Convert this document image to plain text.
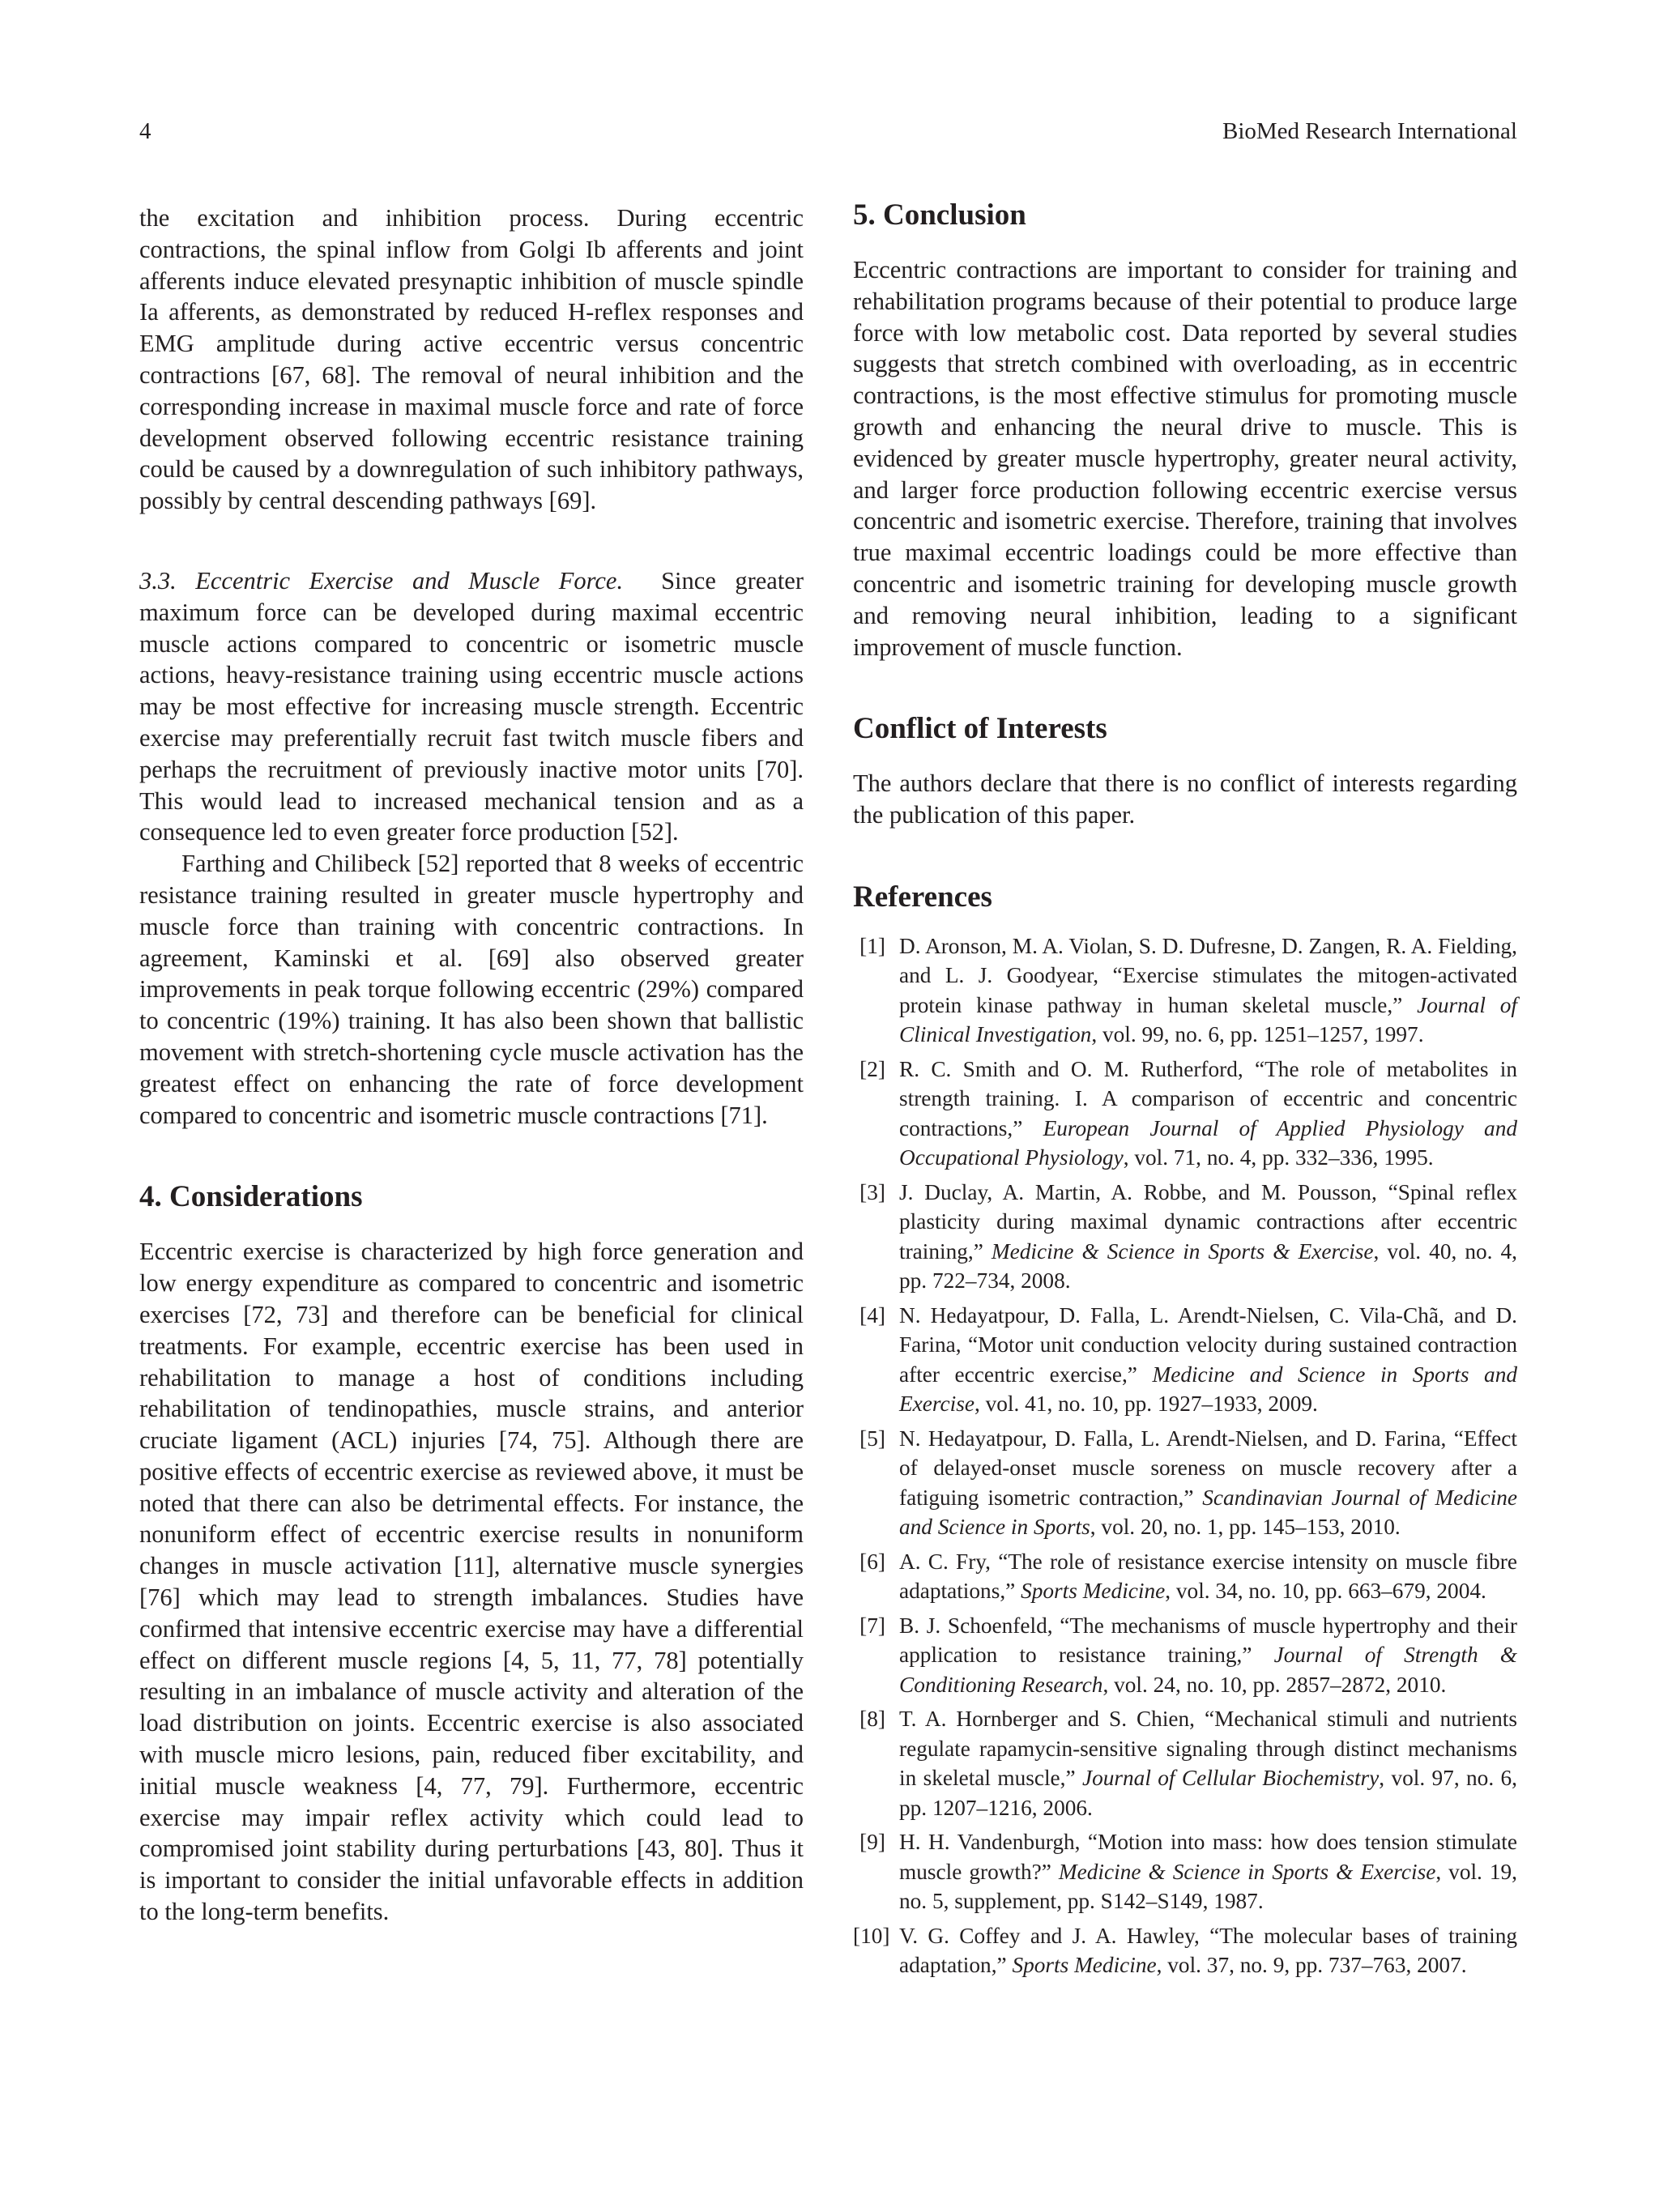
4	BioMed Research International

the excitation and inhibition process. During eccentric contractions, the spinal inflow from Golgi Ib afferents and joint afferents induce elevated presynaptic inhibition of muscle spindle Ia afferents, as demonstrated by reduced H-reflex responses and EMG amplitude during active eccentric versus concentric contractions [67, 68]. The removal of neural inhibition and the corresponding increase in maximal muscle force and rate of force development observed following eccentric resistance training could be caused by a downregulation of such inhibitory pathways, possibly by central descending pathways [69].

3.3. Eccentric Exercise and Muscle Force. Since greater maximum force can be developed during maximal eccentric muscle actions compared to concentric or isometric muscle actions, heavy-resistance training using eccentric muscle actions may be most effective for increasing muscle strength. Eccentric exercise may preferentially recruit fast twitch muscle fibers and perhaps the recruitment of previously inactive motor units [70]. This would lead to increased mechanical tension and as a consequence led to even greater force production [52].

Farthing and Chilibeck [52] reported that 8 weeks of eccentric resistance training resulted in greater muscle hypertrophy and muscle force than training with concentric contractions. In agreement, Kaminski et al. [69] also observed greater improvements in peak torque following eccentric (29%) compared to concentric (19%) training. It has also been shown that ballistic movement with stretch-shortening cycle muscle activation has the greatest effect on enhancing the rate of force development compared to concentric and isometric muscle contractions [71].

4. Considerations

Eccentric exercise is characterized by high force generation and low energy expenditure as compared to concentric and isometric exercises [72, 73] and therefore can be beneficial for clinical treatments. For example, eccentric exercise has been used in rehabilitation to manage a host of conditions including rehabilitation of tendinopathies, muscle strains, and anterior cruciate ligament (ACL) injuries [74, 75]. Although there are positive effects of eccentric exercise as reviewed above, it must be noted that there can also be detrimental effects. For instance, the nonuniform effect of eccentric exercise results in nonuniform changes in muscle activation [11], alternative muscle synergies [76] which may lead to strength imbalances. Studies have confirmed that intensive eccentric exercise may have a differential effect on different muscle regions [4, 5, 11, 77, 78] potentially resulting in an imbalance of muscle activity and alteration of the load distribution on joints. Eccentric exercise is also associated with muscle micro lesions, pain, reduced fiber excitability, and initial muscle weakness [4, 77, 79]. Furthermore, eccentric exercise may impair reflex activity which could lead to compromised joint stability during perturbations [43, 80]. Thus it is important to consider the initial unfavorable effects in addition to the long-term benefits.

5. Conclusion

Eccentric contractions are important to consider for training and rehabilitation programs because of their potential to produce large force with low metabolic cost. Data reported by several studies suggests that stretch combined with overloading, as in eccentric contractions, is the most effective stimulus for promoting muscle growth and enhancing the neural drive to muscle. This is evidenced by greater muscle hypertrophy, greater neural activity, and larger force production following eccentric exercise versus concentric and isometric exercise. Therefore, training that involves true maximal eccentric loadings could be more effective than concentric and isometric training for developing muscle growth and removing neural inhibition, leading to a significant improvement of muscle function.

Conflict of Interests

The authors declare that there is no conflict of interests regarding the publication of this paper.

References
[1] D. Aronson, M. A. Violan, S. D. Dufresne, D. Zangen, R. A. Fielding, and L. J. Goodyear, “Exercise stimulates the mitogen-activated protein kinase pathway in human skeletal muscle,” Journal of Clinical Investigation, vol. 99, no. 6, pp. 1251–1257, 1997.
[2] R. C. Smith and O. M. Rutherford, “The role of metabolites in strength training. I. A comparison of eccentric and concentric contractions,” European Journal of Applied Physiology and Occupational Physiology, vol. 71, no. 4, pp. 332–336, 1995.
[3] J. Duclay, A. Martin, A. Robbe, and M. Pousson, “Spinal reflex plasticity during maximal dynamic contractions after eccentric training,” Medicine & Science in Sports & Exercise, vol. 40, no. 4, pp. 722–734, 2008.
[4] N. Hedayatpour, D. Falla, L. Arendt-Nielsen, C. Vila-Chã, and D. Farina, “Motor unit conduction velocity during sustained contraction after eccentric exercise,” Medicine and Science in Sports and Exercise, vol. 41, no. 10, pp. 1927–1933, 2009.
[5] N. Hedayatpour, D. Falla, L. Arendt-Nielsen, and D. Farina, “Effect of delayed-onset muscle soreness on muscle recovery after a fatiguing isometric contraction,” Scandinavian Journal of Medicine and Science in Sports, vol. 20, no. 1, pp. 145–153, 2010.
[6] A. C. Fry, “The role of resistance exercise intensity on muscle fibre adaptations,” Sports Medicine, vol. 34, no. 10, pp. 663–679, 2004.
[7] B. J. Schoenfeld, “The mechanisms of muscle hypertrophy and their application to resistance training,” Journal of Strength & Conditioning Research, vol. 24, no. 10, pp. 2857–2872, 2010.
[8] T. A. Hornberger and S. Chien, “Mechanical stimuli and nutrients regulate rapamycin-sensitive signaling through distinct mechanisms in skeletal muscle,” Journal of Cellular Biochemistry, vol. 97, no. 6, pp. 1207–1216, 2006.
[9] H. H. Vandenburgh, “Motion into mass: how does tension stimulate muscle growth?” Medicine & Science in Sports & Exercise, vol. 19, no. 5, supplement, pp. S142–S149, 1987.
[10] V. G. Coffey and J. A. Hawley, “The molecular bases of training adaptation,” Sports Medicine, vol. 37, no. 9, pp. 737–763, 2007.
